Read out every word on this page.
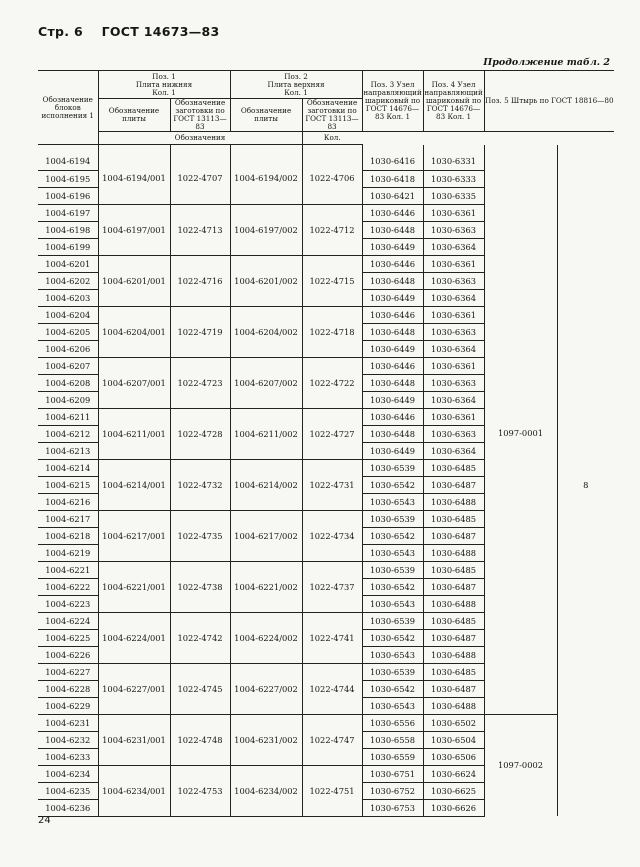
Стр. 6 ГОСТ 14673—83
Продолжение табл. 2
Обозначение блоков исполнения 1	Поз. 1
Плита нижняя
Кол. 1		Поз. 2
Плита верхняя
Кол. 1		Поз. 3 Узел направляющий шариковый по ГОСТ 14676—83 Кол. 1	Поз. 4 Узел направляющий шариковый по ГОСТ 14676—83 Кол. 1	Поз. 5 Штырь по ГОСТ 18816—80	
	Обозначение плиты	Обозначение заготовки по ГОСТ 13113—83	Обозначение плиты	Обозначение заготовки по ГОСТ 13113—83				
	Обозначения			Кол.				

1004-6194	1004-6194/001	1022-4707	1004-6194/002	1022-4706	1030-6416	1030-6331	1097-0001	8
1004-6195					1030-6418	1030-6333		
1004-6196					1030-6421	1030-6335		
1004-6197	1004-6197/001	1022-4713	1004-6197/002	1022-4712	1030-6446	1030-6361		
1004-6198					1030-6448	1030-6363		
1004-6199					1030-6449	1030-6364		
1004-6201	1004-6201/001	1022-4716	1004-6201/002	1022-4715	1030-6446	1030-6361		
1004-6202					1030-6448	1030-6363		
1004-6203					1030-6449	1030-6364		
1004-6204	1004-6204/001	1022-4719	1004-6204/002	1022-4718	1030-6446	1030-6361		
1004-6205					1030-6448	1030-6363		
1004-6206					1030-6449	1030-6364		
1004-6207	1004-6207/001	1022-4723	1004-6207/002	1022-4722	1030-6446	1030-6361		
1004-6208					1030-6448	1030-6363		
1004-6209					1030-6449	1030-6364		
1004-6211	1004-6211/001	1022-4728	1004-6211/002	1022-4727	1030-6446	1030-6361		
1004-6212					1030-6448	1030-6363		
1004-6213					1030-6449	1030-6364		
1004-6214	1004-6214/001	1022-4732	1004-6214/002	1022-4731	1030-6539	1030-6485		
1004-6215					1030-6542	1030-6487		
1004-6216					1030-6543	1030-6488		
1004-6217	1004-6217/001	1022-4735	1004-6217/002	1022-4734	1030-6539	1030-6485		
1004-6218					1030-6542	1030-6487		
1004-6219					1030-6543	1030-6488		
1004-6221	1004-6221/001	1022-4738	1004-6221/002	1022-4737	1030-6539	1030-6485		
1004-6222					1030-6542	1030-6487		
1004-6223					1030-6543	1030-6488		
1004-6224	1004-6224/001	1022-4742	1004-6224/002	1022-4741	1030-6539	1030-6485		
1004-6225					1030-6542	1030-6487		
1004-6226					1030-6543	1030-6488		
1004-6227	1004-6227/001	1022-4745	1004-6227/002	1022-4744	1030-6539	1030-6485		
1004-6228					1030-6542	1030-6487		
1004-6229					1030-6543	1030-6488		
1004-6231	1004-6231/001	1022-4748	1004-6231/002	1022-4747	1030-6556	1030-6502	1097-0002	
1004-6232					1030-6558	1030-6504		
1004-6233					1030-6559	1030-6506		
1004-6234	1004-6234/001	1022-4753	1004-6234/002	1022-4751	1030-6751	1030-6624		
1004-6235					1030-6752	1030-6625		
1004-6236					1030-6753	1030-6626		
24
